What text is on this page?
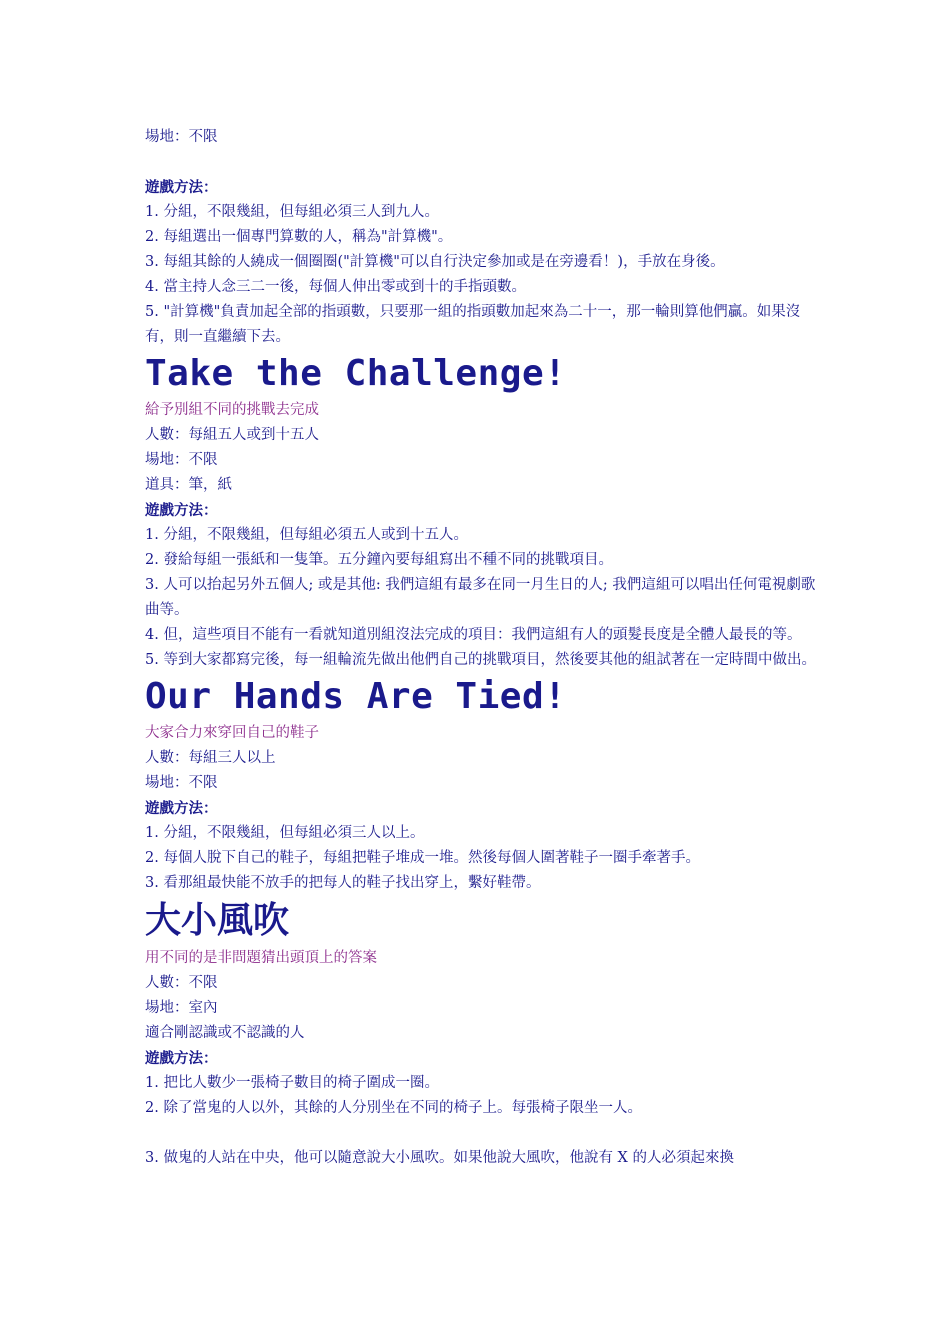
場地：不限

遊戲方法：

1. 分組，不限幾組，但每組必須三人到九人。

2. 每組選出一個專門算數的人，稱為"計算機"。

3. 每組其餘的人繞成一個圈圈("計算機"可以自行決定參加或是在旁邊看！)，手放在身後。

4. 當主持人念三二一後，每個人伸出零或到十的手指頭數。

5. "計算機"負責加起全部的指頭數，只要那一組的指頭數加起來為二十一，那一輪則算他們贏。如果沒有，則一直繼續下去。

Take the Challenge!

給予別組不同的挑戰去完成

人數：每組五人或到十五人

場地：不限

道具：筆，紙

遊戲方法：

1. 分組，不限幾組，但每組必須五人或到十五人。

2. 發給每組一張紙和一隻筆。五分鐘內要每組寫出不種不同的挑戰項目。

3. 人可以抬起另外五個人; 或是其他: 我們這組有最多在同一月生日的人; 我們這組可以唱出任何電視劇歌曲等。

4. 但，這些項目不能有一看就知道別組沒法完成的項目：我們這組有人的頭髮長度是全體人最長的等。

5. 等到大家都寫完後，每一組輪流先做出他們自己的挑戰項目，然後要其他的組試著在一定時間中做出。

Our Hands Are Tied!

大家合力來穿回自己的鞋子

人數：每組三人以上

場地：不限

遊戲方法：

1. 分組，不限幾組，但每組必須三人以上。

2. 每個人脫下自己的鞋子，每組把鞋子堆成一堆。然後每個人圍著鞋子一圈手牽著手。

3. 看那組最快能不放手的把每人的鞋子找出穿上，繫好鞋帶。

大小風吹

用不同的是非問題猜出頭頂上的答案

人數：不限

場地：室內

適合剛認識或不認識的人

遊戲方法：

1. 把比人數少一張椅子數目的椅子圍成一圈。

2. 除了當鬼的人以外，其餘的人分別坐在不同的椅子上。每張椅子限坐一人。

3. 做鬼的人站在中央，他可以隨意說大小風吹。如果他說大風吹，他說有 X 的人必須起來換
